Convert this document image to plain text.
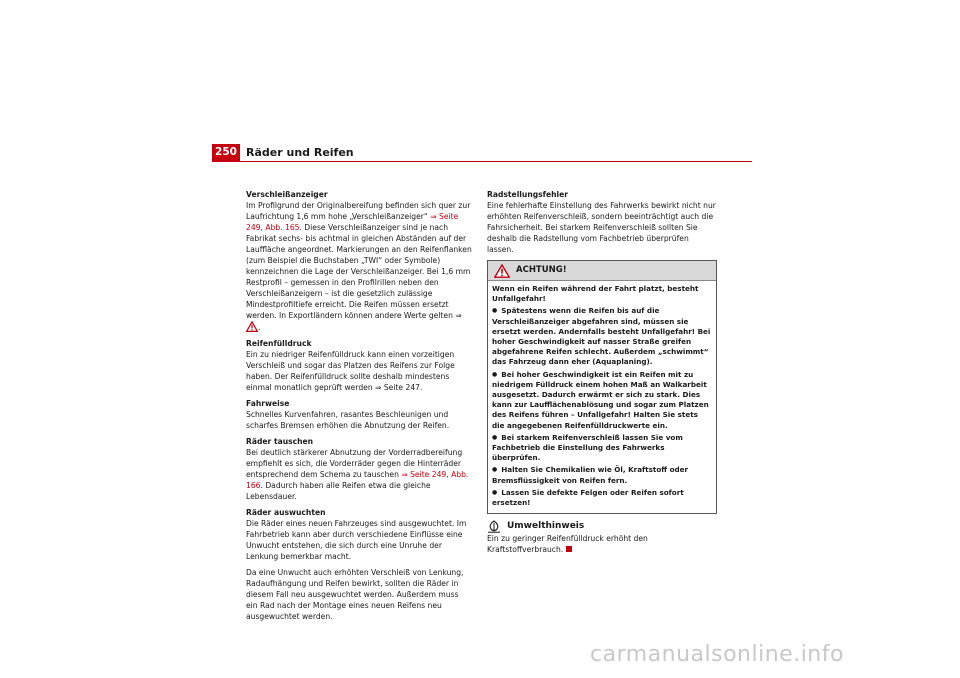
250 Räder und Reifen
Verschleißanzeiger

Im Profilgrund der Originalbereifung befinden sich quer zur Laufrichtung 1,6 mm hohe „Verschleißanzeiger“ ⇒ Seite 249, Abb. 165. Diese Verschleißanzeiger sind je nach Fabrikat sechs- bis achtmal in gleichen Abständen auf der Lauffläche angeordnet. Markierungen an den Reifenflanken (zum Beispiel die Buchstaben „TWI“ oder Symbole) kennzeichnen die Lage der Verschleißanzeiger. Bei 1,6 mm Restprofil – gemessen in den Profilrillen neben den Verschleißanzeigern – ist die gesetzlich zulässige Mindestprofiltiefe erreicht. Die Reifen müssen ersetzt werden. In Exportländern können andere Werte gelten ⇒ .

Reifenfülldruck

Ein zu niedriger Reifenfülldruck kann einen vorzeitigen Verschleiß und sogar das Platzen des Reifens zur Folge haben. Der Reifenfülldruck sollte deshalb mindestens einmal monatlich geprüft werden ⇒ Seite 247.

Fahrweise

Schnelles Kurvenfahren, rasantes Beschleunigen und scharfes Bremsen erhöhen die Abnutzung der Reifen.

Räder tauschen

Bei deutlich stärkerer Abnutzung der Vorderradbereifung empfiehlt es sich, die Vorderräder gegen die Hinterräder entsprechend dem Schema zu tauschen ⇒ Seite 249, Abb. 166. Dadurch haben alle Reifen etwa die gleiche Lebensdauer.

Räder auswuchten

Die Räder eines neuen Fahrzeuges sind ausgewuchtet. Im Fahrbetrieb kann aber durch verschiedene Einflüsse eine Unwucht entstehen, die sich durch eine Unruhe der Lenkung bemerkbar macht.

Da eine Unwucht auch erhöhten Verschleiß von Lenkung, Radaufhängung und Reifen bewirkt, sollten die Räder in diesem Fall neu ausgewuchtet werden. Außerdem muss ein Rad nach der Montage eines neuen Reifens neu ausgewuchtet werden.

Radstellungsfehler

Eine fehlerhafte Einstellung des Fahrwerks bewirkt nicht nur erhöhten Reifenverschleiß, sondern beeinträchtigt auch die Fahrsicherheit. Bei starkem Reifenverschleiß sollten Sie deshalb die Radstellung vom Fachbetrieb überprüfen lassen.

ACHTUNG!

Wenn ein Reifen während der Fahrt platzt, besteht Unfallgefahr!

● Spätestens wenn die Reifen bis auf die Verschleißanzeiger abgefahren sind, müssen sie ersetzt werden. Andernfalls besteht Unfallgefahr! Bei hoher Geschwindigkeit auf nasser Straße greifen abgefahrene Reifen schlecht. Außerdem „schwimmt“ das Fahrzeug dann eher (Aquaplaning).

● Bei hoher Geschwindigkeit ist ein Reifen mit zu niedrigem Fülldruck einem hohen Maß an Walkarbeit ausgesetzt. Dadurch erwärmt er sich zu stark. Dies kann zur Laufflächenablösung und sogar zum Platzen des Reifens führen – Unfallgefahr! Halten Sie stets die angegebenen Reifenfülldruckwerte ein.

● Bei starkem Reifenverschleiß lassen Sie vom Fachbetrieb die Einstellung des Fahrwerks überprüfen.

● Halten Sie Chemikalien wie Öl, Kraftstoff oder Bremsflüssigkeit von Reifen fern.

● Lassen Sie defekte Felgen oder Reifen sofort ersetzen!

Umwelthinweis

Ein zu geringer Reifenfülldruck erhöht den Kraftstoffverbrauch.

carmanualsonline.info
